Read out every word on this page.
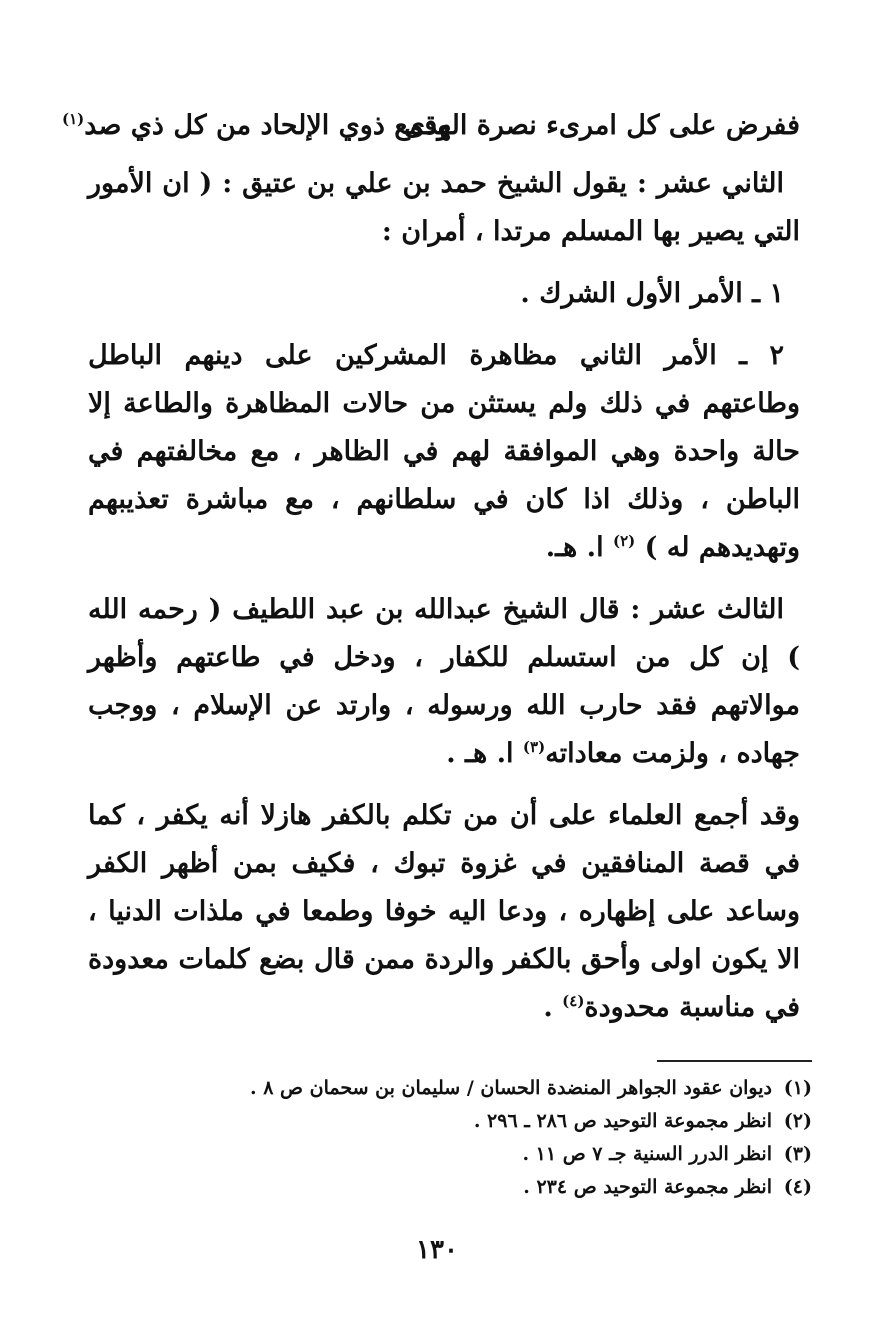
ففرض على كل امرىء نصرة الهدى
وقمع ذوي الإلحاد من كل ذي صد$^{(١)}$

الثاني عشر : يقول الشيخ حمد بن علي بن عتيق : ( ان الأمور التي يصير بها المسلم مرتدا ، أمران :

١ ـ الأمر الأول الشرك .

٢ ـ الأمر الثاني مظاهرة المشركين على دينهم الباطل وطاعتهم في ذلك ولم يستثن من حالات المظاهرة والطاعة إلا حالة واحدة وهي الموافقة لهم في الظاهر ، مع مخالفتهم في الباطن ، وذلك اذا كان في سلطانهم ، مع مباشرة تعذيبهم وتهديدهم له ) $^{(٢)}$ ا. هـ.

الثالث عشر : قال الشيخ عبدالله بن عبد اللطيف ( رحمه الله ) إن كل من استسلم للكفار ، ودخل في طاعتهم وأظهر موالاتهم فقد حارب الله ورسوله ، وارتد عن الإسلام ، ووجب جهاده ، ولزمت معاداته$^{(٣)}$ ا. هـ .

وقد أجمع العلماء على أن من تكلم بالكفر هازلا أنه يكفر ، كما في قصة المنافقين في غزوة تبوك ، فكيف بمن أظهر الكفر وساعد على إظهاره ، ودعا اليه خوفا وطمعا في ملذات الدنيا ، الا يكون اولى وأحق بالكفر والردة ممن قال بضع كلمات معدودة في مناسبة محدودة$^{(٤)}$ .

(١)ديوان عقود الجواهر المنضدة الحسان / سليمان بن سحمان ص ٨ .
(٢)انظر مجموعة التوحيد ص ٢٨٦ ـ ٢٩٦ .
(٣)انظر الدرر السنية جـ ٧ ص ١١ .
(٤)انظر مجموعة التوحيد ص ٢٣٤ .
١٣٠
